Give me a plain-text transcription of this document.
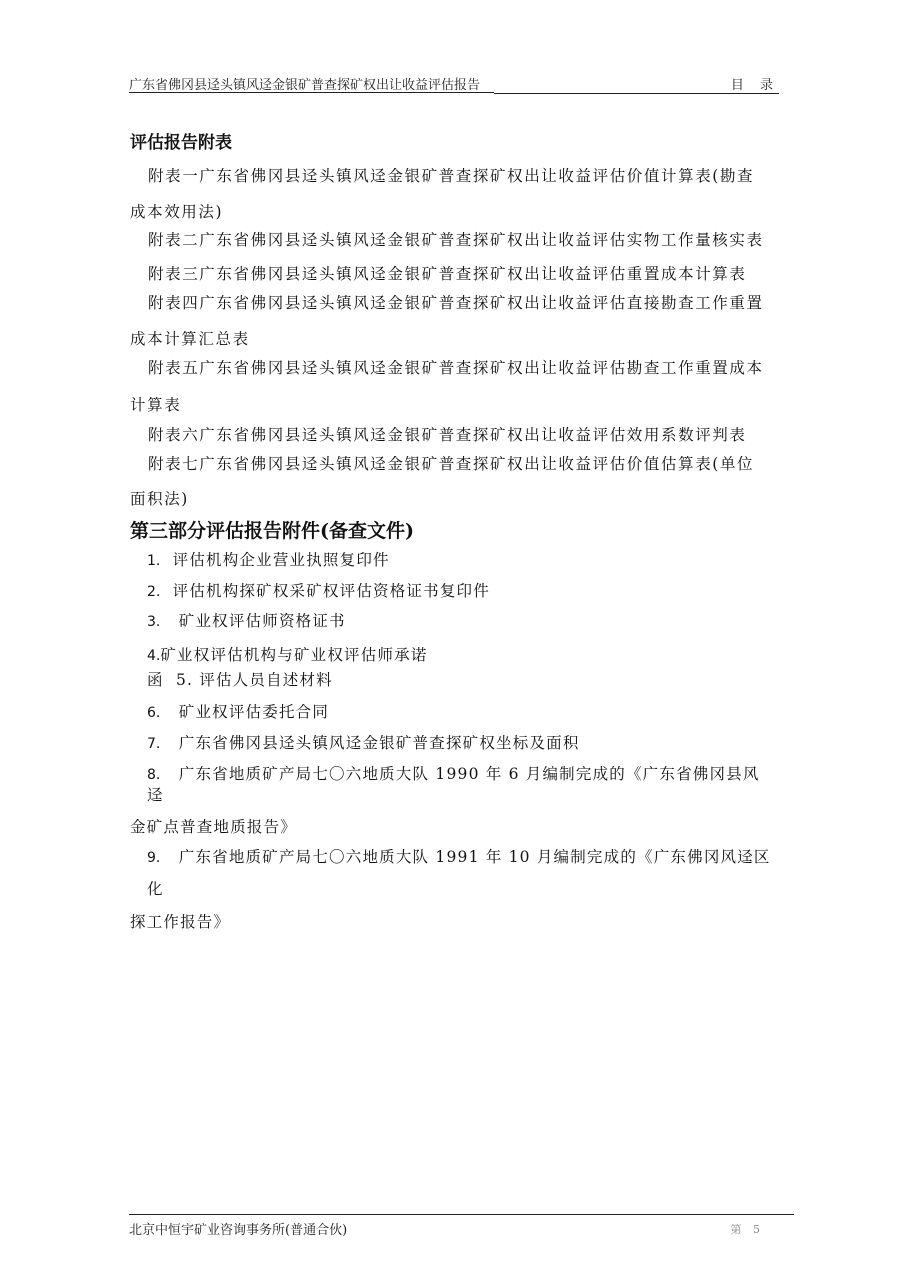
广东省佛冈县迳头镇风迳金银矿普查探矿权出让收益评估报告	目 录
评估报告附表
附表一广东省佛冈县迳头镇风迳金银矿普查探矿权出让收益评估价值计算表(勘查
成本效用法)
附表二广东省佛冈县迳头镇风迳金银矿普查探矿权出让收益评估实物工作量核实表
附表三广东省佛冈县迳头镇风迳金银矿普查探矿权出让收益评估重置成本计算表
附表四广东省佛冈县迳头镇风迳金银矿普查探矿权出让收益评估直接勘查工作重置
成本计算汇总表
附表五广东省佛冈县迳头镇风迳金银矿普查探矿权出让收益评估勘查工作重置成本
计算表
附表六广东省佛冈县迳头镇风迳金银矿普查探矿权出让收益评估效用系数评判表
附表七广东省佛冈县迳头镇风迳金银矿普查探矿权出让收益评估价值估算表(单位
面积法)
第三部分评估报告附件(备查文件)
1. 评估机构企业营业执照复印件
2. 评估机构探矿权采矿权评估资格证书复印件
3. 矿业权评估师资格证书
4.矿业权评估机构与矿业权评估师承诺
函 5. 评估人员自述材料
6. 矿业权评估委托合同
7. 广东省佛冈县迳头镇风迳金银矿普查探矿权坐标及面积
8. 广东省地质矿产局七〇六地质大队 1990 年 6 月编制完成的《广东省佛冈县风
迳
金矿点普查地质报告》
9. 广东省地质矿产局七〇六地质大队 1991 年 10 月编制完成的《广东佛冈风迳区
化
探工作报告》
北京中恒宇矿业咨询事务所(普通合伙)	第 5
